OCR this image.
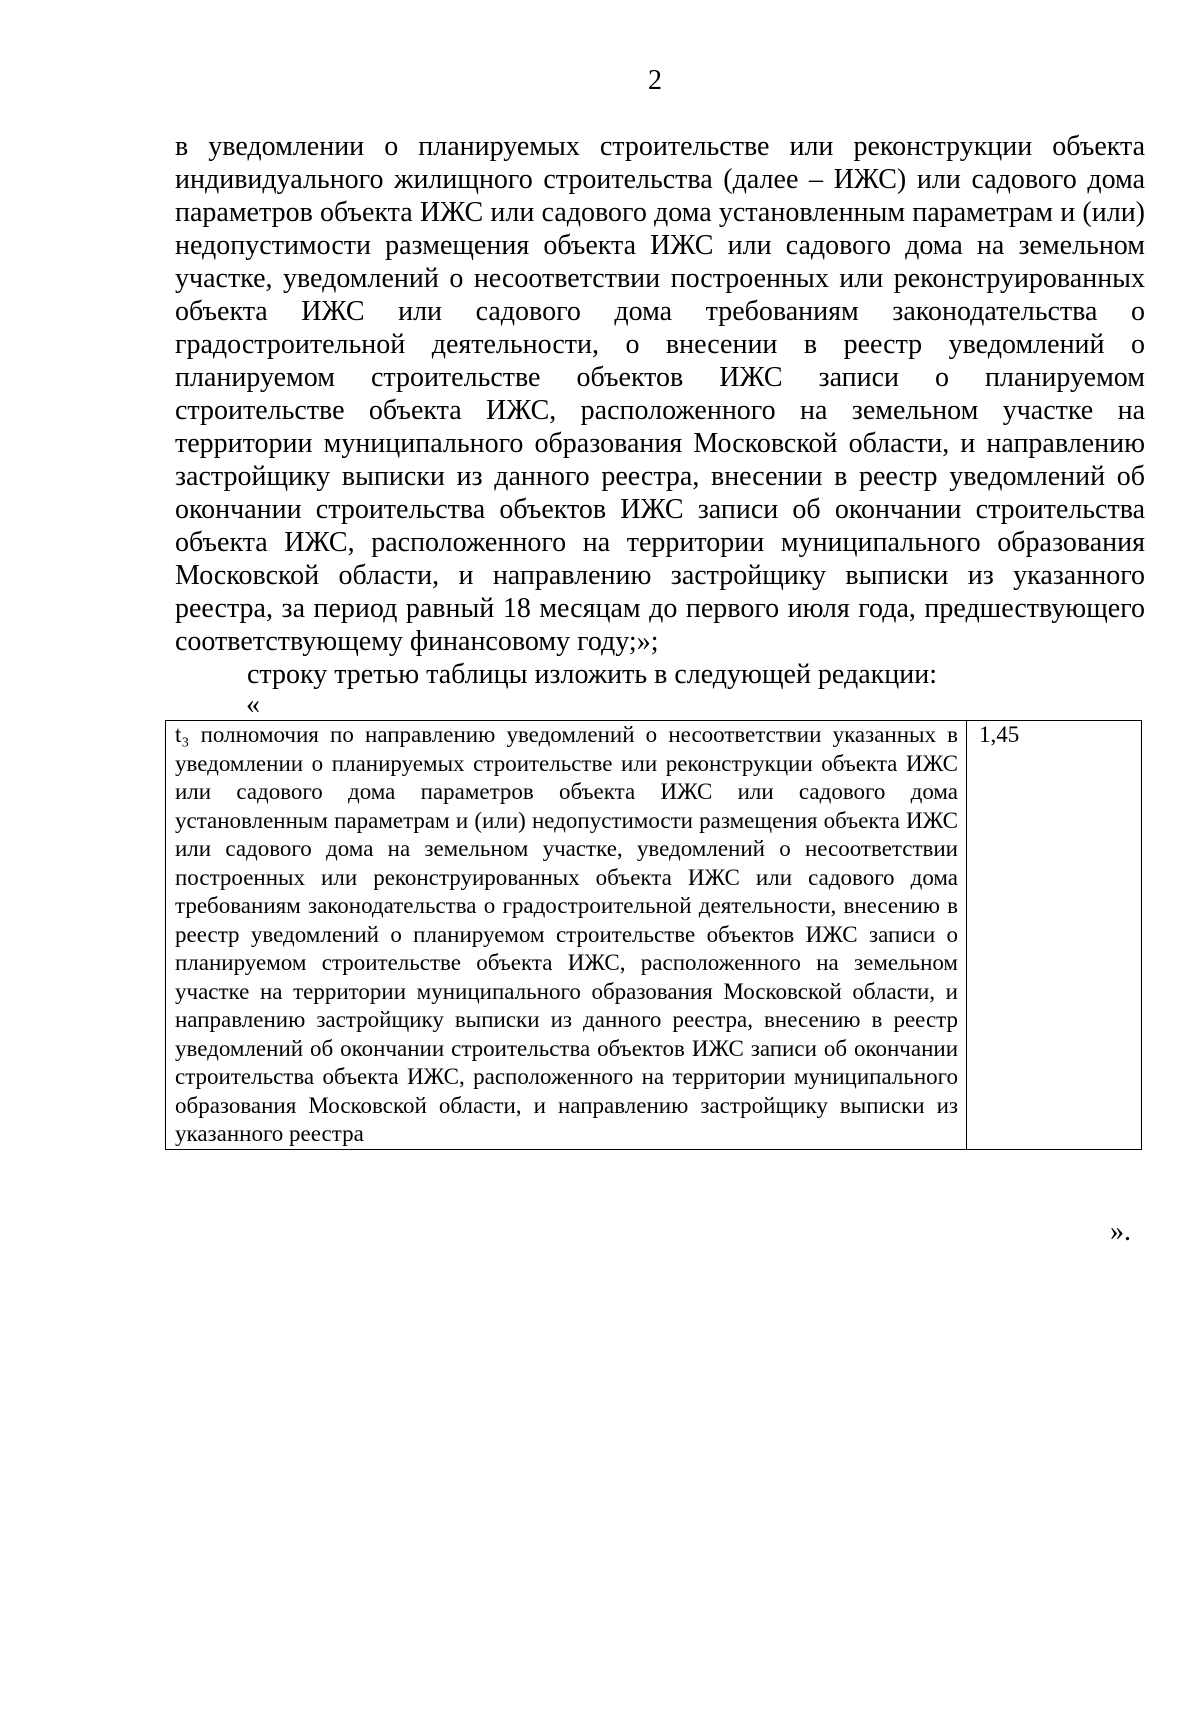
2

в уведомлении о планируемых строительстве или реконструкции объекта индивидуального жилищного строительства (далее – ИЖС) или садового дома параметров объекта ИЖС или садового дома установленным параметрам и (или) недопустимости размещения объекта ИЖС или садового дома на земельном участке, уведомлений о несоответствии построенных или реконструированных объекта ИЖС или садового дома требованиям законодательства о градостроительной деятельности, о внесении в реестр уведомлений о планируемом строительстве объектов ИЖС записи о планируемом строительстве объекта ИЖС, расположенного на земельном участке на территории муниципального образования Московской области, и направлению застройщику выписки из данного реестра, внесении в реестр уведомлений об окончании строительства объектов ИЖС записи об окончании строительства объекта ИЖС, расположенного на территории муниципального образования Московской области, и направлению застройщику выписки из указанного реестра, за период равный 18 месяцам до первого июля года, предшествующего соответствующему финансовому году;»;

строку третью таблицы изложить в следующей редакции:

«
t₃ полномочия по направлению уведомлений о несоответствии указанных в уведомлении о планируемых строительстве или реконструкции объекта ИЖС или садового дома параметров объекта ИЖС или садового дома установленным параметрам и (или) недопустимости размещения объекта ИЖС или садового дома на земельном участке, уведомлений о несоответствии построенных или реконструированных объекта ИЖС или садового дома требованиям законодательства о градостроительной деятельности, внесению в реестр уведомлений о планируемом строительстве объектов ИЖС записи о планируемом строительстве объекта ИЖС, расположенного на земельном участке на территории муниципального образования Московской области, и направлению застройщику выписки из данного реестра, внесению в реестр уведомлений об окончании строительства объектов ИЖС записи об окончании строительства объекта ИЖС, расположенного на территории муниципального образования Московской области, и направлению застройщику выписки из указанного реестра	1,45
».
